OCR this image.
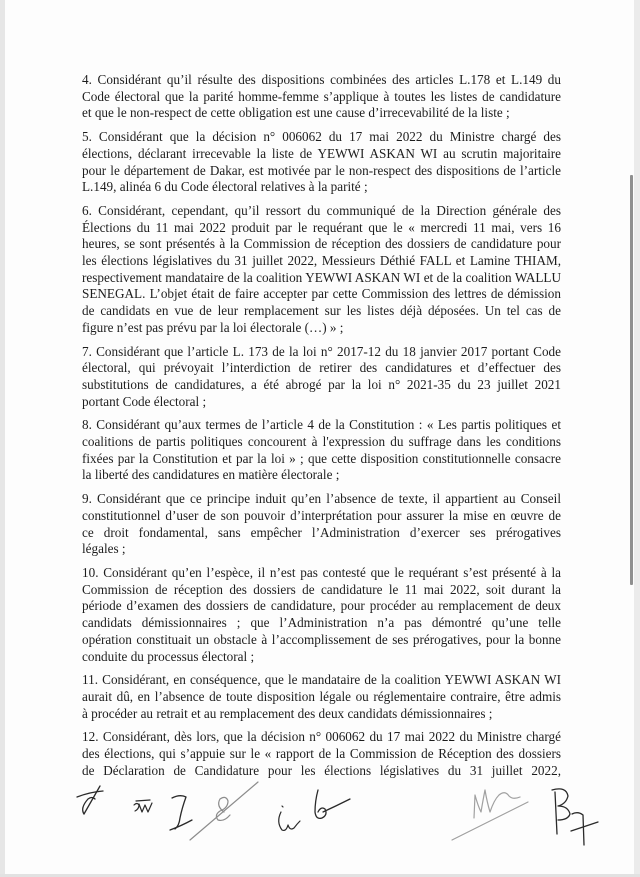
4. Considérant qu’il résulte des dispositions combinées des articles L.178 et L.149 du
Code électoral que la parité homme-femme s’applique à toutes les listes de candidature
et que le non-respect de cette obligation est une cause d’irrecevabilité de la liste ;
5. Considérant que la décision n° 006062 du 17 mai 2022 du Ministre chargé des
élections, déclarant irrecevable la liste de YEWWI ASKAN WI au scrutin majoritaire
pour le département de Dakar, est motivée par le non-respect des dispositions de l’article
L.149, alinéa 6 du Code électoral relatives à la parité ;
6. Considérant, cependant, qu’il ressort du communiqué de la Direction générale des
Élections du 11 mai 2022 produit par le requérant que le « mercredi 11 mai, vers 16
heures, se sont présentés à la Commission de réception des dossiers de candidature pour
les élections législatives du 31 juillet 2022, Messieurs Déthié FALL et Lamine THIAM,
respectivement mandataire de la coalition YEWWI ASKAN WI et de la coalition WALLU
SENEGAL. L’objet était de faire accepter par cette Commission des lettres de démission
de candidats en vue de leur remplacement sur les listes déjà déposées. Un tel cas de
figure n’est pas prévu par la loi électorale (…) » ;
7. Considérant que l’article L. 173 de la loi n° 2017-12 du 18 janvier 2017 portant Code
électoral, qui prévoyait l’interdiction de retirer des candidatures et d’effectuer des
substitutions de candidatures, a été abrogé par la loi n° 2021-35 du 23 juillet 2021
portant Code électoral ;
8. Considérant qu’aux termes de l’article 4 de la Constitution : « Les partis politiques et
coalitions de partis politiques concourent à l'expression du suffrage dans les conditions
fixées par la Constitution et par la loi » ; que cette disposition constitutionnelle consacre
la liberté des candidatures en matière électorale ;
9. Considérant que ce principe induit qu’en l’absence de texte, il appartient au Conseil
constitutionnel d’user de son pouvoir d’interprétation pour assurer la mise en œuvre de
ce droit fondamental, sans empêcher l’Administration d’exercer ses prérogatives
légales ;
10. Considérant qu’en l’espèce, il n’est pas contesté que le requérant s’est présenté à la
Commission de réception des dossiers de candidature le 11 mai 2022, soit durant la
période d’examen des dossiers de candidature, pour procéder au remplacement de deux
candidats démissionnaires ; que l’Administration n’a pas démontré qu’une telle
opération constituait un obstacle à l’accomplissement de ses prérogatives, pour la bonne
conduite du processus électoral ;
11. Considérant, en conséquence, que le mandataire de la coalition YEWWI ASKAN WI
aurait dû, en l’absence de toute disposition légale ou réglementaire contraire, être admis
à procéder au retrait et au remplacement des deux candidats démissionnaires ;
12. Considérant, dès lors, que la décision n° 006062 du 17 mai 2022 du Ministre chargé
des élections, qui s’appuie sur le « rapport de la Commission de Réception des dossiers
de Déclaration de Candidature pour les élections législatives du 31 juillet 2022,
